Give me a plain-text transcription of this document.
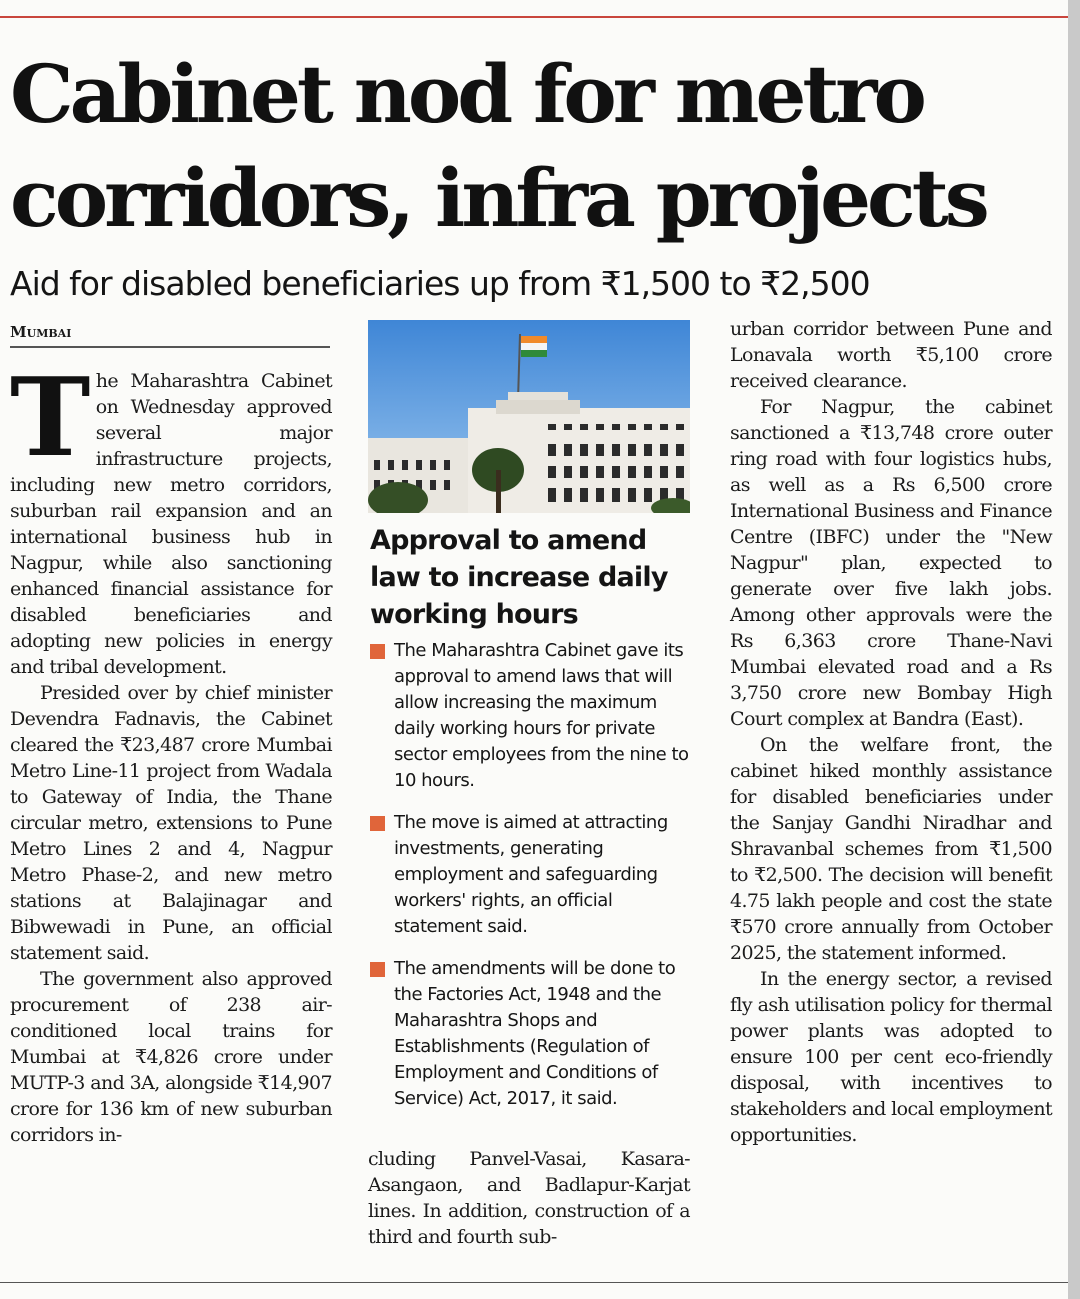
Cabinet nod for metro
corridors, infra projects
Aid for disabled beneficiaries up from ₹1,500 to ₹2,500
Mumbai
T he Maharashtra Cabinet on Wednesday approved several major infrastructure projects, including new metro corridors, suburban rail expansion and an international business hub in Nagpur, while also sanctioning enhanced financial assistance for disabled beneficiaries and adopting new policies in energy and tribal development.

Presided over by chief minister Devendra Fadnavis, the Cabinet cleared the ₹23,487 crore Mumbai Metro Line-11 project from Wadala to Gateway of India, the Thane circular metro, extensions to Pune Metro Lines 2 and 4, Nagpur Metro Phase-2, and new metro stations at Balajinagar and Bibwewadi in Pune, an official statement said.

The government also approved procurement of 238 air-conditioned local trains for Mumbai at ₹4,826 crore under MUTP-3 and 3A, alongside ₹14,907 crore for 136 km of new suburban corridors in-

Approval to amend law to increase daily working hours
The Maharashtra Cabinet gave its approval to amend laws that will allow increasing the maximum daily working hours for private sector employees from the nine to 10 hours.
The move is aimed at attracting investments, generating employment and safeguarding workers' rights, an official statement said.
The amendments will be done to the Factories Act, 1948 and the Maharashtra Shops and Establishments (Regulation of Employment and Conditions of Service) Act, 2017, it said.

cluding Panvel-Vasai, Kasara-Asangaon, and Badlapur-Karjat lines. In addition, construction of a third and fourth sub-

urban corridor between Pune and Lonavala worth ₹5,100 crore received clearance.

For Nagpur, the cabinet sanctioned a ₹13,748 crore outer ring road with four logistics hubs, as well as a Rs 6,500 crore International Business and Finance Centre (IBFC) under the "New Nagpur" plan, expected to generate over five lakh jobs. Among other approvals were the Rs 6,363 crore Thane-Navi Mumbai elevated road and a Rs 3,750 crore new Bombay High Court complex at Bandra (East).

On the welfare front, the cabinet hiked monthly assistance for disabled beneficiaries under the Sanjay Gandhi Niradhar and Shravanbal schemes from ₹1,500 to ₹2,500. The decision will benefit 4.75 lakh people and cost the state ₹570 crore annually from October 2025, the statement informed.

In the energy sector, a revised fly ash utilisation policy for thermal power plants was adopted to ensure 100 per cent eco-friendly disposal, with incentives to stakeholders and local employment opportunities.
